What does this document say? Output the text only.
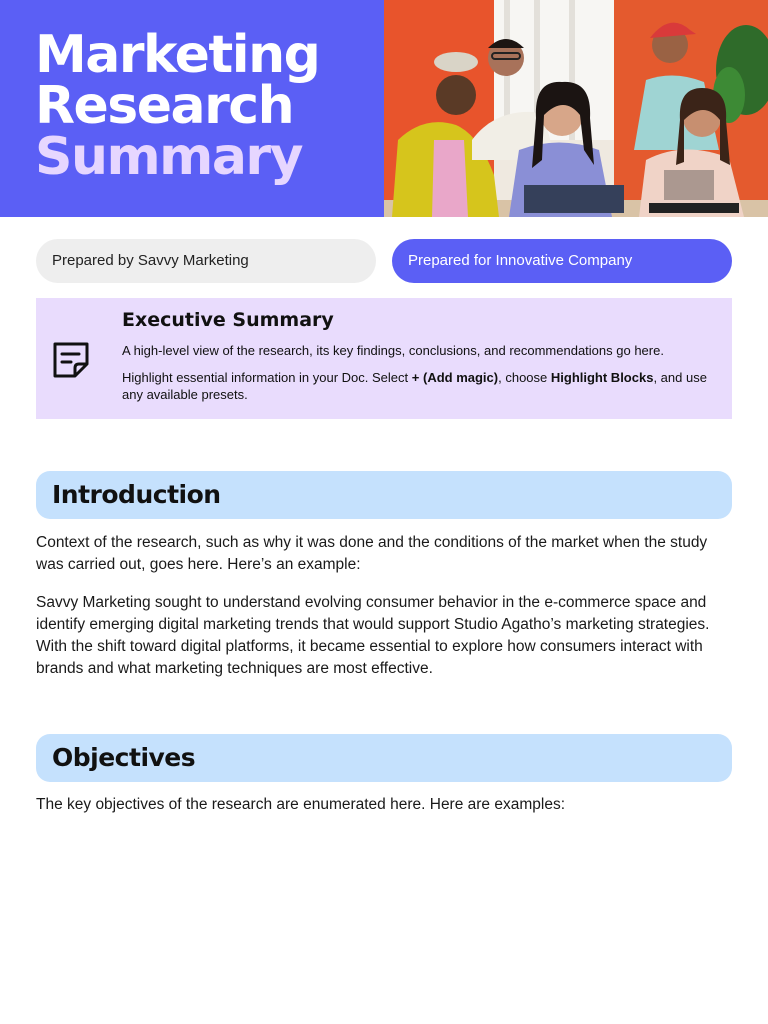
Marketing
Research
Summary
Prepared by Savvy Marketing	Prepared for Innovative Company
Executive Summary

A high-level view of the research, its key findings, conclusions, and recommendations go here.

Highlight essential information in your Doc. Select + (Add magic), choose Highlight Blocks, and use any available presets.

Introduction

Context of the research, such as why it was done and the conditions of the market when the study was carried out, goes here. Here’s an example:

Savvy Marketing sought to understand evolving consumer behavior in the e-commerce space and identify emerging digital marketing trends that would support Studio Agatho’s marketing strategies. With the shift toward digital platforms, it became essential to explore how consumers interact with brands and what marketing techniques are most effective.

Objectives

The key objectives of the research are enumerated here. Here are examples:
